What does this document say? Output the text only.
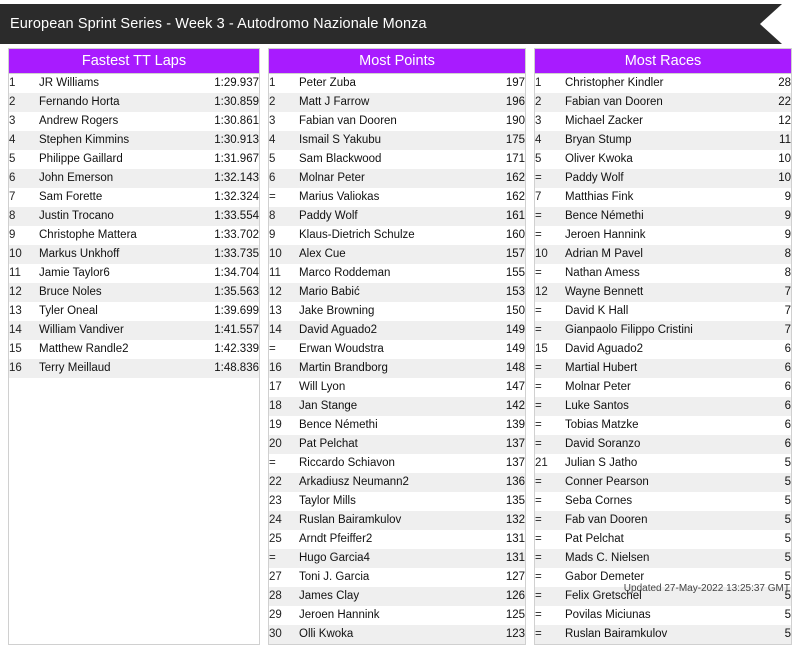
European Sprint Series - Week 3 - Autodromo Nazionale Monza
Fastest TT Laps
1	JR Williams	1:29.937
2	Fernando Horta	1:30.859
3	Andrew Rogers	1:30.861
4	Stephen Kimmins	1:30.913
5	Philippe Gaillard	1:31.967
6	John Emerson	1:32.143
7	Sam Forette	1:32.324
8	Justin Trocano	1:33.554
9	Christophe Mattera	1:33.702
10	Markus Unkhoff	1:33.735
11	Jamie Taylor6	1:34.704
12	Bruce Noles	1:35.563
13	Tyler Oneal	1:39.699
14	William Vandiver	1:41.557
15	Matthew Randle2	1:42.339
16	Terry Meillaud	1:48.836
Most Points
1	Peter Zuba	197
2	Matt J Farrow	196
3	Fabian van Dooren	190
4	Ismail S Yakubu	175
5	Sam Blackwood	171
6	Molnar Peter	162
=	Marius Valiokas	162
8	Paddy Wolf	161
9	Klaus-Dietrich Schulze	160
10	Alex Cue	157
11	Marco Roddeman	155
12	Mario Babić	153
13	Jake Browning	150
14	David Aguado2	149
=	Erwan Woudstra	149
16	Martin Brandborg	148
17	Will Lyon	147
18	Jan Stange	142
19	Bence Némethi	139
20	Pat Pelchat	137
=	Riccardo Schiavon	137
22	Arkadiusz Neumann2	136
23	Taylor Mills	135
24	Ruslan Bairamkulov	132
25	Arndt Pfeiffer2	131
=	Hugo Garcia4	131
27	Toni J. Garcia	127
28	James Clay	126
29	Jeroen Hannink	125
30	Olli Kwoka	123
Most Races
1	Christopher Kindler	28
2	Fabian van Dooren	22
3	Michael Zacker	12
4	Bryan Stump	11
5	Oliver Kwoka	10
=	Paddy Wolf	10
7	Matthias Fink	9
=	Bence Némethi	9
=	Jeroen Hannink	9
10	Adrian M Pavel	8
=	Nathan Amess	8
12	Wayne Bennett	7
=	David K Hall	7
=	Gianpaolo Filippo Cristini	7
15	David Aguado2	6
=	Martial Hubert	6
=	Molnar Peter	6
=	Luke Santos	6
=	Tobias Matzke	6
=	David Soranzo	6
21	Julian S Jatho	5
=	Conner Pearson	5
=	Seba Cornes	5
=	Fab van Dooren	5
=	Pat Pelchat	5
=	Mads C. Nielsen	5
=	Gabor Demeter	5
=	Felix Gretschel	5
=	Povilas Miciunas	5
=	Ruslan Bairamkulov	5
Updated 27-May-2022 13:25:37 GMT
